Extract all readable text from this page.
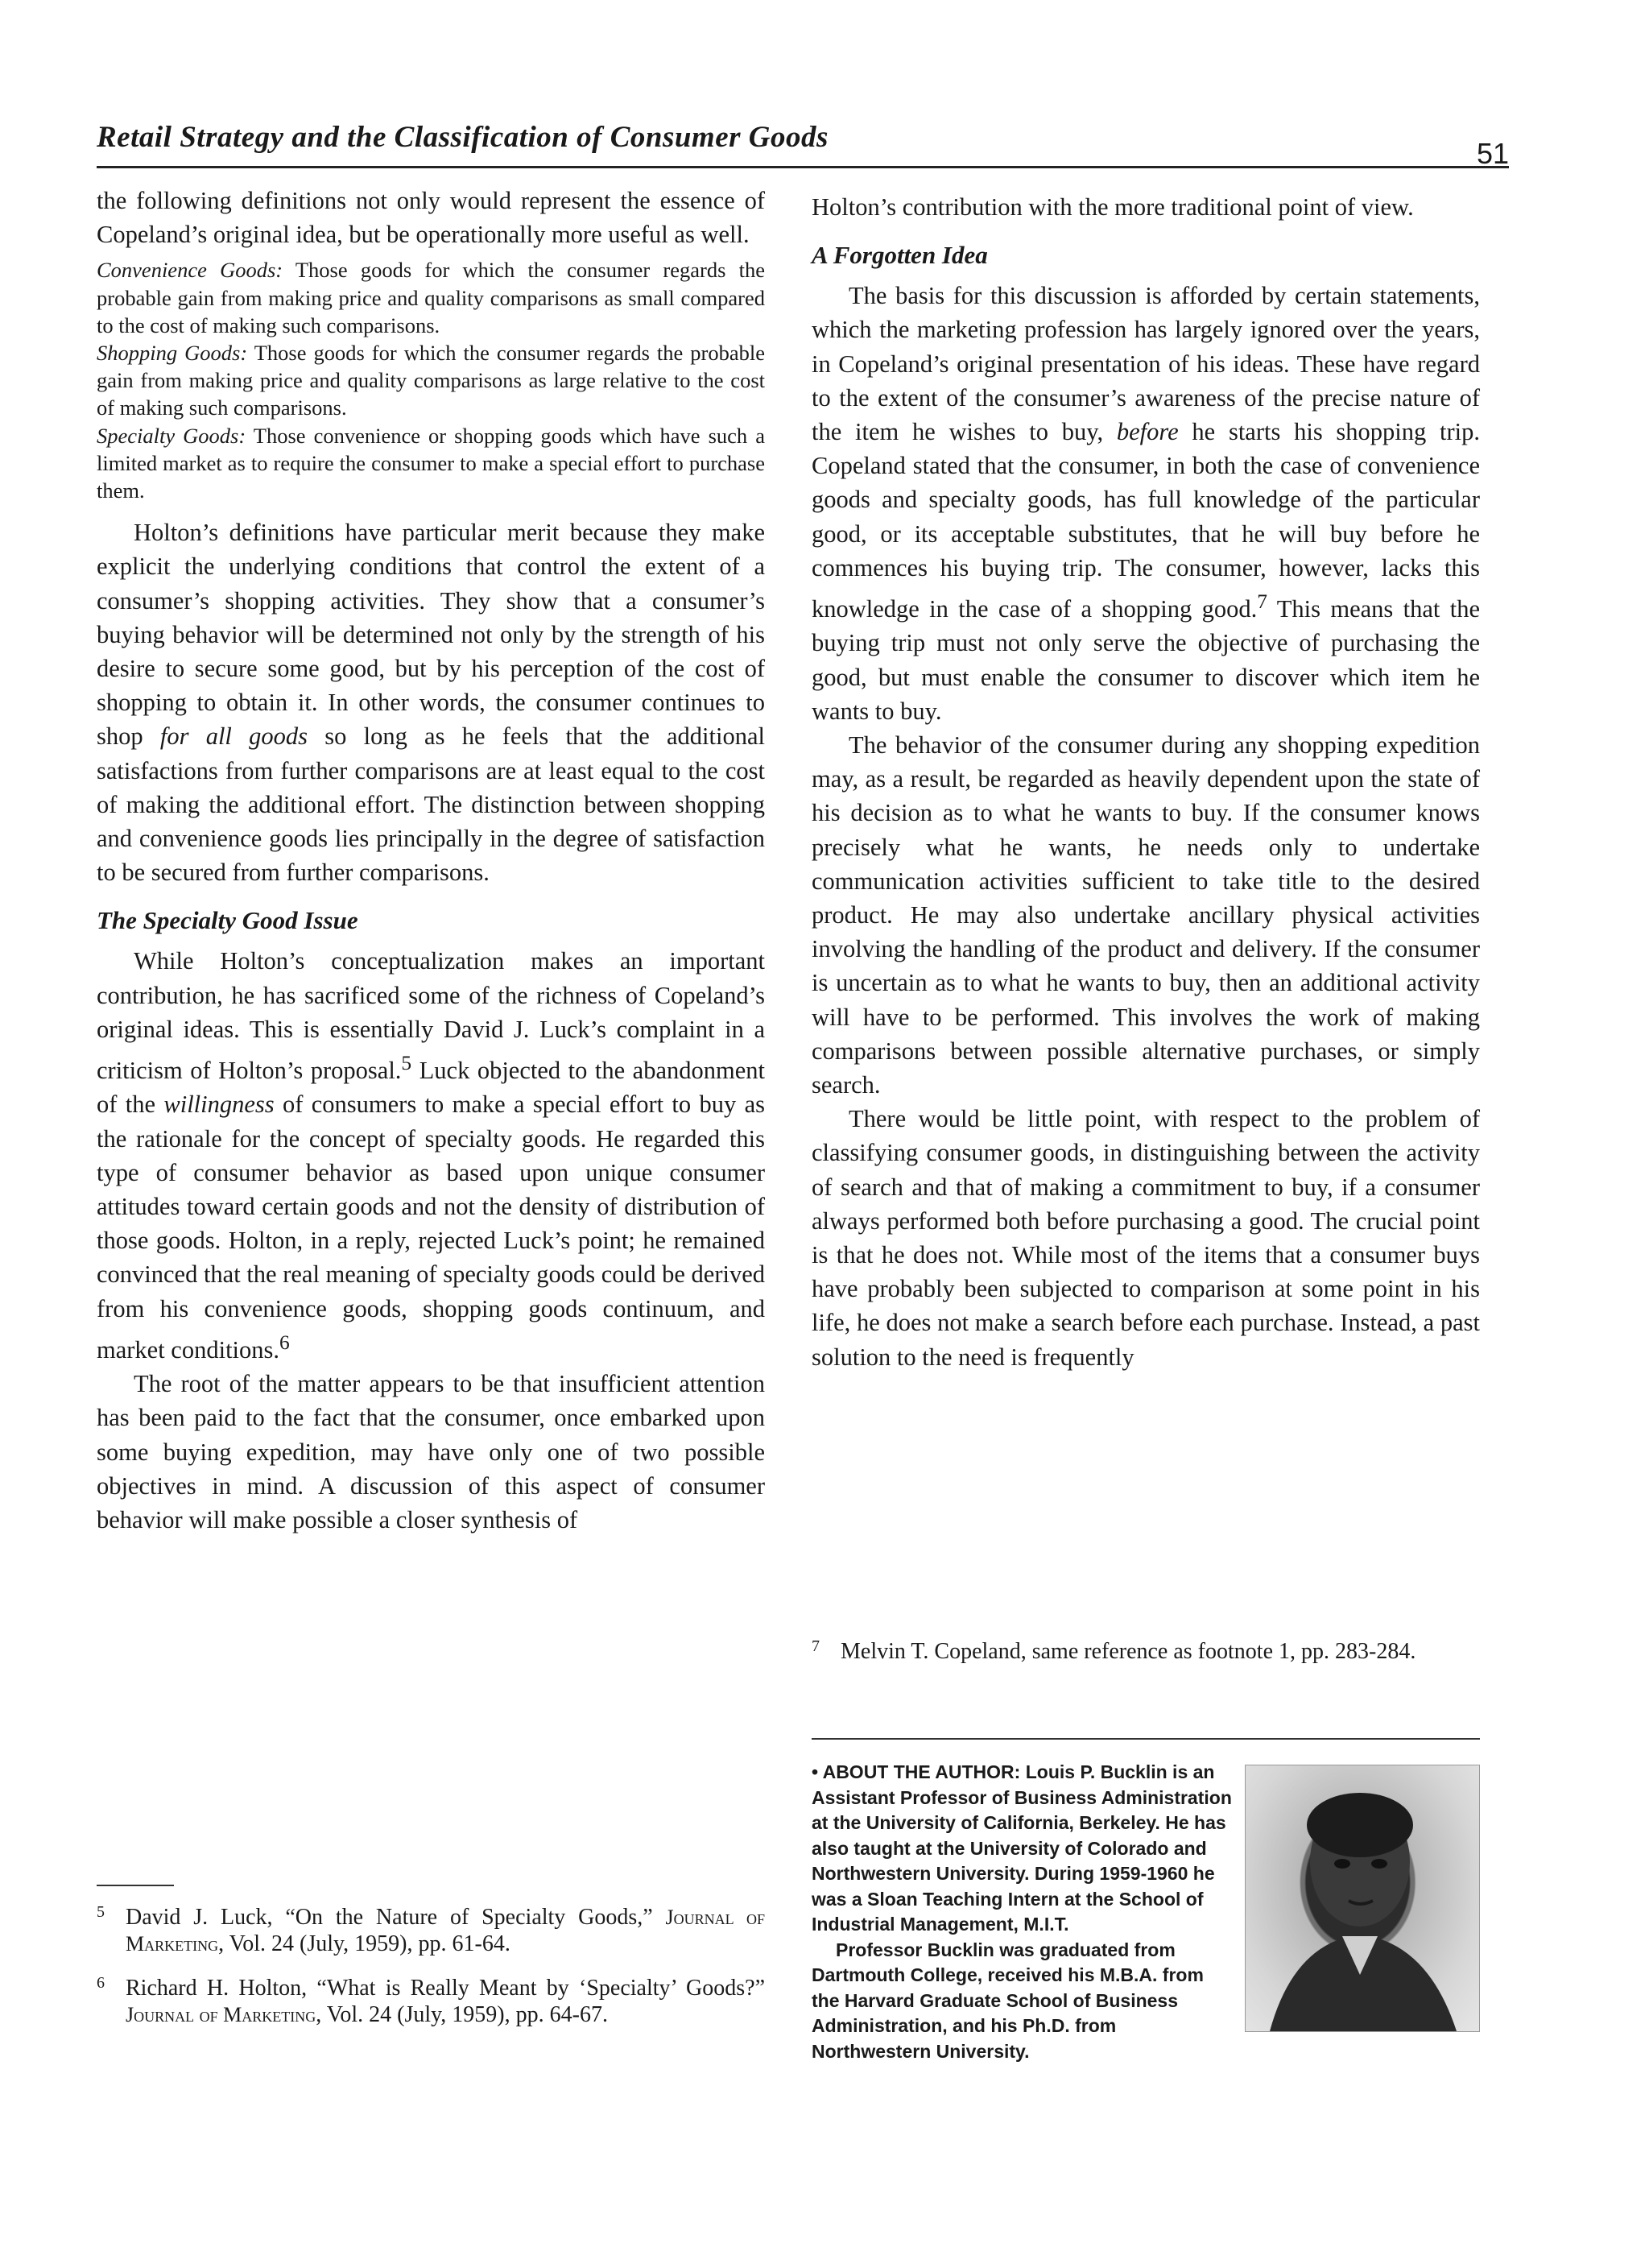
Retail Strategy and the Classification of Consumer Goods	51

the following definitions not only would represent the essence of Copeland’s original idea, but be operationally more useful as well.

Convenience Goods: Those goods for which the consumer regards the probable gain from making price and quality comparisons as small compared to the cost of making such comparisons.

Shopping Goods: Those goods for which the consumer regards the probable gain from making price and quality comparisons as large relative to the cost of making such comparisons.

Specialty Goods: Those convenience or shopping goods which have such a limited market as to require the consumer to make a special effort to purchase them.

Holton’s definitions have particular merit because they make explicit the underlying conditions that control the extent of a consumer’s shopping activities. They show that a consumer’s buying behavior will be determined not only by the strength of his desire to secure some good, but by his perception of the cost of shopping to obtain it. In other words, the consumer continues to shop for all goods so long as he feels that the additional satisfactions from further comparisons are at least equal to the cost of making the additional effort. The distinction between shopping and convenience goods lies principally in the degree of satisfaction to be secured from further comparisons.

The Specialty Good Issue

While Holton’s conceptualization makes an important contribution, he has sacrificed some of the richness of Copeland’s original ideas. This is essentially David J. Luck’s complaint in a criticism of Holton’s proposal.$^5$ Luck objected to the abandonment of the willingness of consumers to make a special effort to buy as the rationale for the concept of specialty goods. He regarded this type of consumer behavior as based upon unique consumer attitudes toward certain goods and not the density of distribution of those goods. Holton, in a reply, rejected Luck’s point; he remained convinced that the real meaning of specialty goods could be derived from his convenience goods, shopping goods continuum, and market conditions.$^6$

The root of the matter appears to be that insufficient attention has been paid to the fact that the consumer, once embarked upon some buying expedition, may have only one of two possible objectives in mind. A discussion of this aspect of consumer behavior will make possible a closer synthesis of

5 David J. Luck, “On the Nature of Specialty Goods,” Journal of Marketing, Vol. 24 (July, 1959), pp. 61-64.
6 Richard H. Holton, “What is Really Meant by ‘Specialty’ Goods?” Journal of Marketing, Vol. 24 (July, 1959), pp. 64-67.

Holton’s contribution with the more traditional point of view.

A Forgotten Idea

The basis for this discussion is afforded by certain statements, which the marketing profession has largely ignored over the years, in Copeland’s original presentation of his ideas. These have regard to the extent of the consumer’s awareness of the precise nature of the item he wishes to buy, before he starts his shopping trip. Copeland stated that the consumer, in both the case of convenience goods and specialty goods, has full knowledge of the particular good, or its acceptable substitutes, that he will buy before he commences his buying trip. The consumer, however, lacks this knowledge in the case of a shopping good.$^7$ This means that the buying trip must not only serve the objective of purchasing the good, but must enable the consumer to discover which item he wants to buy.

The behavior of the consumer during any shopping expedition may, as a result, be regarded as heavily dependent upon the state of his decision as to what he wants to buy. If the consumer knows precisely what he wants, he needs only to undertake communication activities sufficient to take title to the desired product. He may also undertake ancillary physical activities involving the handling of the product and delivery. If the consumer is uncertain as to what he wants to buy, then an additional activity will have to be performed. This involves the work of making comparisons between possible alternative purchases, or simply search.

There would be little point, with respect to the problem of classifying consumer goods, in distinguishing between the activity of search and that of making a commitment to buy, if a consumer always performed both before purchasing a good. The crucial point is that he does not. While most of the items that a consumer buys have probably been subjected to comparison at some point in his life, he does not make a search before each purchase. Instead, a past solution to the need is frequently

7 Melvin T. Copeland, same reference as footnote 1, pp. 283-284.
• ABOUT THE AUTHOR: Louis P. Bucklin is an Assistant Professor of Business Administration at the University of California, Berkeley. He has also taught at the University of Colorado and Northwestern University. During 1959-1960 he was a Sloan Teaching Intern at the School of Industrial Management, M.I.T.
Professor Bucklin was graduated from Dartmouth College, received his M.B.A. from the Harvard Graduate School of Business Administration, and his Ph.D. from Northwestern University.
